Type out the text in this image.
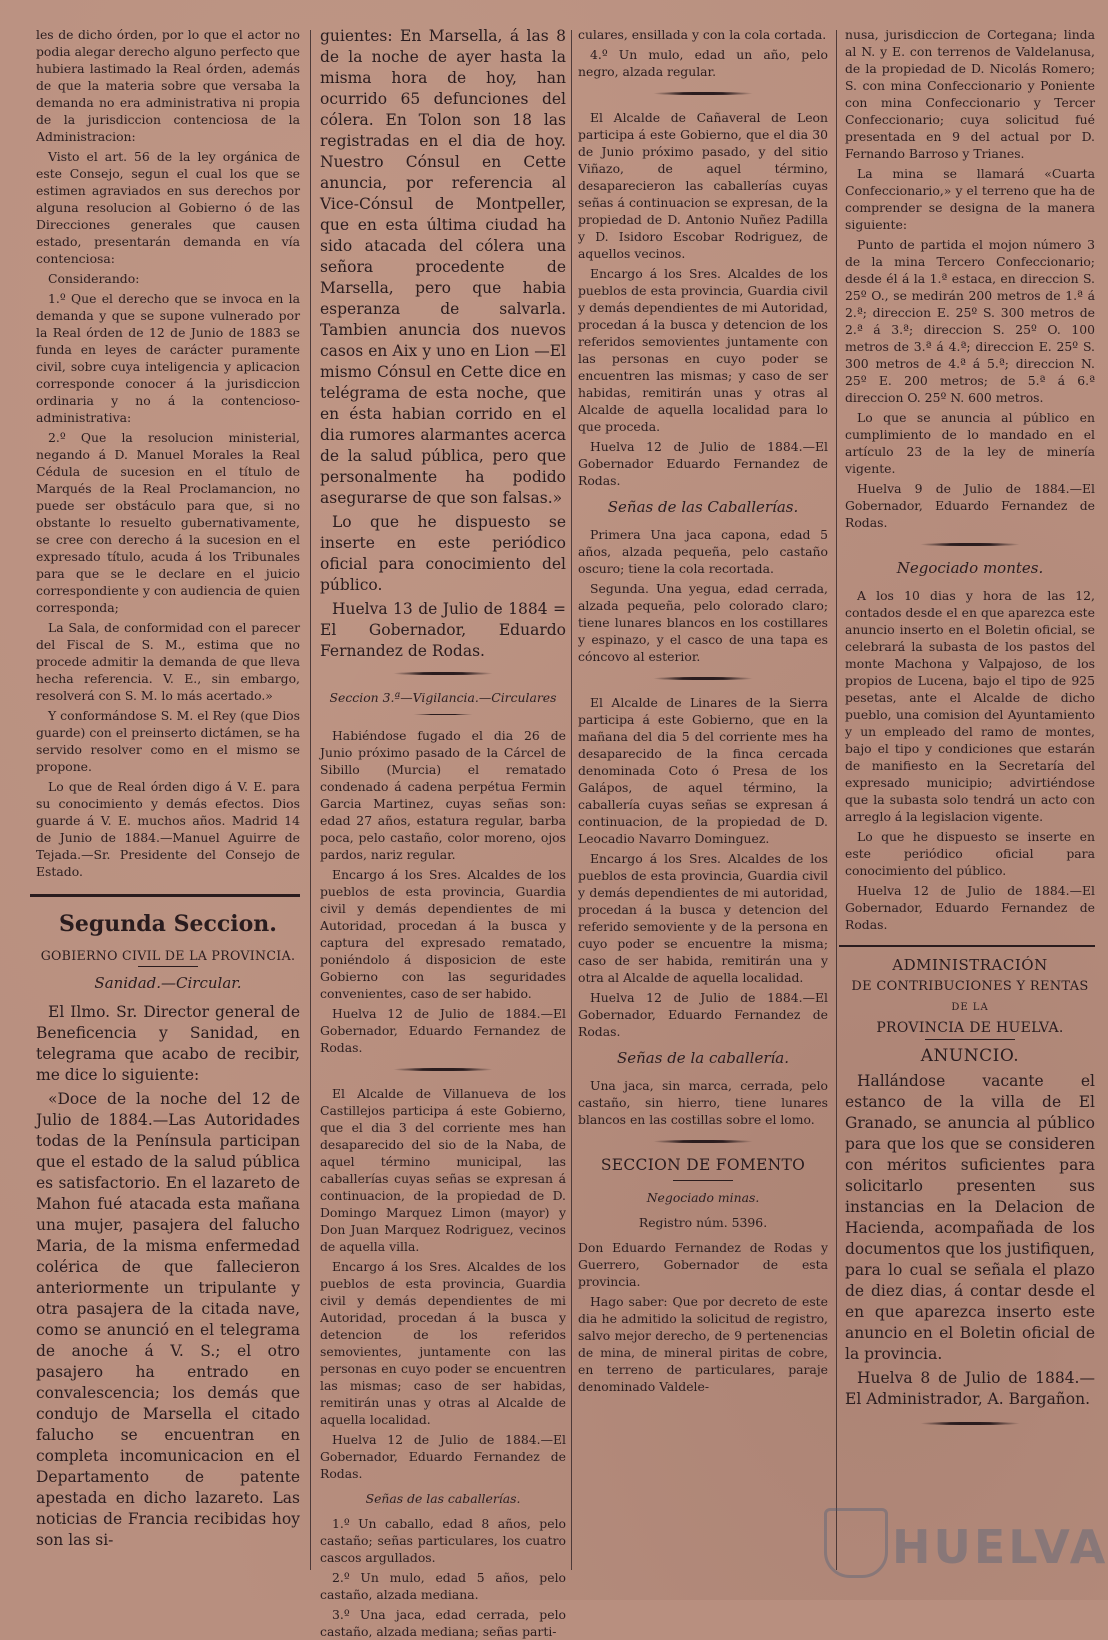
les de dicho órden, por lo que el actor no podia alegar derecho alguno perfecto que hubiera lastimado la Real órden, además de que la materia sobre que versaba la demanda no era administrativa ni propia de la jurisdiccion contenciosa de la Administracion:

Visto el art. 56 de la ley orgánica de este Consejo, segun el cual los que se estimen agraviados en sus derechos por alguna resolucion al Gobierno ó de las Direcciones generales que causen estado, presentarán demanda en vía contenciosa:

Considerando:

1.º Que el derecho que se invoca en la demanda y que se supone vulnerado por la Real órden de 12 de Junio de 1883 se funda en leyes de carácter puramente civil, sobre cuya inteligencia y aplicacion corresponde conocer á la jurisdiccion ordinaria y no á la contencioso-administrativa:

2.º Que la resolucion ministerial, negando á D. Manuel Morales la Real Cédula de sucesion en el título de Marqués de la Real Proclamancion, no puede ser obstáculo para que, si no obstante lo resuelto gubernativamente, se cree con derecho á la sucesion en el expresado título, acuda á los Tribunales para que se le declare en el juicio correspondiente y con audiencia de quien corresponda;

La Sala, de conformidad con el parecer del Fiscal de S. M., estima que no procede admitir la demanda de que lleva hecha referencia. V. E., sin embargo, resolverá con S. M. lo más acertado.»

Y conformándose S. M. el Rey (que Dios guarde) con el preinserto dictámen, se ha servido resolver como en el mismo se propone.

Lo que de Real órden digo á V. E. para su conocimiento y demás efectos. Dios guarde á V. E. muchos años. Madrid 14 de Junio de 1884.—Manuel Aguirre de Tejada.—Sr. Presidente del Consejo de Estado.

Segunda Seccion.
GOBIERNO CIVIL DE LA PROVINCIA.
Sanidad.—Circular.

El Ilmo. Sr. Director general de Beneficencia y Sanidad, en telegrama que acabo de recibir, me dice lo siguiente:

«Doce de la noche del 12 de Julio de 1884.—Las Autoridades todas de la Península participan que el estado de la salud pública es satisfactorio. En el lazareto de Mahon fué atacada esta mañana una mujer, pasajera del falucho Maria, de la misma enfermedad colérica de que fallecieron anteriormente un tripulante y otra pasajera de la citada nave, como se anunció en el telegrama de anoche á V. S.; el otro pasajero ha entrado en convalescencia; los demás que condujo de Marsella el citado falucho se encuentran en completa incomunicacion en el Departamento de patente apestada en dicho lazareto. Las noticias de Francia recibidas hoy son las si-

guientes: En Marsella, á las 8 de la noche de ayer hasta la misma hora de hoy, han ocurrido 65 defunciones del cólera. En Tolon son 18 las registradas en el dia de hoy. Nuestro Cónsul en Cette anuncia, por referencia al Vice-Cónsul de Montpeller, que en esta última ciudad ha sido atacada del cólera una señora procedente de Marsella, pero que habia esperanza de salvarla. Tambien anuncia dos nuevos casos en Aix y uno en Lion —El mismo Cónsul en Cette dice en telégrama de esta noche, que en ésta habian corrido en el dia rumores alarmantes acerca de la salud pública, pero que personalmente ha podido asegurarse de que son falsas.»

Lo que he dispuesto se inserte en este periódico oficial para conocimiento del público.

Huelva 13 de Julio de 1884 = El Gobernador, Eduardo Fernandez de Rodas.

Seccion 3.ª—Vigilancia.—Circulares

Habiéndose fugado el dia 26 de Junio próximo pasado de la Cárcel de Sibillo (Murcia) el rematado condenado á cadena perpétua Fermin Garcia Martinez, cuyas señas son: edad 27 años, estatura regular, barba poca, pelo castaño, color moreno, ojos pardos, nariz regular.

Encargo á los Sres. Alcaldes de los pueblos de esta provincia, Guardia civil y demás dependientes de mi Autoridad, procedan á la busca y captura del expresado rematado, poniéndolo á disposicion de este Gobierno con las seguridades convenientes, caso de ser habido.

Huelva 12 de Julio de 1884.—El Gobernador, Eduardo Fernandez de Rodas.

El Alcalde de Villanueva de los Castillejos participa á este Gobierno, que el dia 3 del corriente mes han desaparecido del sio de la Naba, de aquel término municipal, las caballerías cuyas señas se expresan á continuacion, de la propiedad de D. Domingo Marquez Limon (mayor) y Don Juan Marquez Rodriguez, vecinos de aquella villa.

Encargo á los Sres. Alcaldes de los pueblos de esta provincia, Guardia civil y demás dependientes de mi Autoridad, procedan á la busca y detencion de los referidos semovientes, juntamente con las personas en cuyo poder se encuentren las mismas; caso de ser habidas, remitirán unas y otras al Alcalde de aquella localidad.

Huelva 12 de Julio de 1884.—El Gobernador, Eduardo Fernandez de Rodas.

Señas de las caballerías.

1.º Un caballo, edad 8 años, pelo castaño; señas particulares, los cuatro cascos argullados.

2.º Un mulo, edad 5 años, pelo castaño, alzada mediana.

3.º Una jaca, edad cerrada, pelo castaño, alzada mediana; señas parti-

culares, ensillada y con la cola cortada.

4.º Un mulo, edad un año, pelo negro, alzada regular.

El Alcalde de Cañaveral de Leon participa á este Gobierno, que el dia 30 de Junio próximo pasado, y del sitio Viñazo, de aquel término, desaparecieron las caballerías cuyas señas á continuacion se expresan, de la propiedad de D. Antonio Nuñez Padilla y D. Isidoro Escobar Rodriguez, de aquellos vecinos.

Encargo á los Sres. Alcaldes de los pueblos de esta provincia, Guardia civil y demás dependientes de mi Autoridad, procedan á la busca y detencion de los referidos semovientes juntamente con las personas en cuyo poder se encuentren las mismas; y caso de ser habidas, remitirán unas y otras al Alcalde de aquella localidad para lo que proceda.

Huelva 12 de Julio de 1884.—El Gobernador Eduardo Fernandez de Rodas.

Señas de las Caballerías.

Primera Una jaca capona, edad 5 años, alzada pequeña, pelo castaño oscuro; tiene la cola recortada.

Segunda. Una yegua, edad cerrada, alzada pequeña, pelo colorado claro; tiene lunares blancos en los costillares y espinazo, y el casco de una tapa es cóncovo al esterior.

El Alcalde de Linares de la Sierra participa á este Gobierno, que en la mañana del dia 5 del corriente mes ha desaparecido de la finca cercada denominada Coto ó Presa de los Galápos, de aquel término, la caballería cuyas señas se expresan á continuacion, de la propiedad de D. Leocadio Navarro Dominguez.

Encargo á los Sres. Alcaldes de los pueblos de esta provincia, Guardia civil y demás dependientes de mi autoridad, procedan á la busca y detencion del referido semoviente y de la persona en cuyo poder se encuentre la misma; caso de ser habida, remitirán una y otra al Alcalde de aquella localidad.

Huelva 12 de Julio de 1884.—El Gobernador, Eduardo Fernandez de Rodas.

Señas de la caballería.

Una jaca, sin marca, cerrada, pelo castaño, sin hierro, tiene lunares blancos en las costillas sobre el lomo.

SECCION DE FOMENTO
Negociado minas.
Registro núm. 5396.

Don Eduardo Fernandez de Rodas y Guerrero, Gobernador de esta provincia.

Hago saber: Que por decreto de este dia he admitido la solicitud de registro, salvo mejor derecho, de 9 pertenencias de mina, de mineral piritas de cobre, en terreno de particulares, paraje denominado Valdele-

nusa, jurisdiccion de Cortegana; linda al N. y E. con terrenos de Valdelanusa, de la propiedad de D. Nicolás Romero; S. con mina Confeccionario y Poniente con mina Confeccionario y Tercer Confeccionario; cuya solicitud fué presentada en 9 del actual por D. Fernando Barroso y Trianes.

La mina se llamará «Cuarta Confeccionario,» y el terreno que ha de comprender se designa de la manera siguiente:

Punto de partida el mojon número 3 de la mina Tercero Confeccionario; desde él á la 1.ª estaca, en direccion S. 25º O., se medirán 200 metros de 1.ª á 2.ª; direccion E. 25º S. 300 metros de 2.ª á 3.ª; direccion S. 25º O. 100 metros de 3.ª á 4.ª; direccion E. 25º S. 300 metros de 4.ª á 5.ª; direccion N. 25º E. 200 metros; de 5.ª á 6.ª direccion O. 25º N. 600 metros.

Lo que se anuncia al público en cumplimiento de lo mandado en el artículo 23 de la ley de minería vigente.

Huelva 9 de Julio de 1884.—El Gobernador, Eduardo Fernandez de Rodas.

Negociado montes.

A los 10 dias y hora de las 12, contados desde el en que aparezca este anuncio inserto en el Boletin oficial, se celebrará la subasta de los pastos del monte Machona y Valpajoso, de los propios de Lucena, bajo el tipo de 925 pesetas, ante el Alcalde de dicho pueblo, una comision del Ayuntamiento y un empleado del ramo de montes, bajo el tipo y condiciones que estarán de manifiesto en la Secretaría del expresado municipio; advirtiéndose que la subasta solo tendrá un acto con arreglo á la legislacion vigente.

Lo que he dispuesto se inserte en este periódico oficial para conocimiento del público.

Huelva 12 de Julio de 1884.—El Gobernador, Eduardo Fernandez de Rodas.

ADMINISTRACIÓN
DE CONTRIBUCIONES Y RENTAS
DE LA
PROVINCIA DE HUELVA.
ANUNCIO.

Hallándose vacante el estanco de la villa de El Granado, se anuncia al público para que los que se consideren con méritos suficientes para solicitarlo presenten sus instancias en la Delacion de Hacienda, acompañada de los documentos que los justifiquen, para lo cual se señala el plazo de diez dias, á contar desde el en que aparezca inserto este anuncio en el Boletin oficial de la provincia.

Huelva 8 de Julio de 1884.—El Administrador, A. Bargañon.

HUELVA
